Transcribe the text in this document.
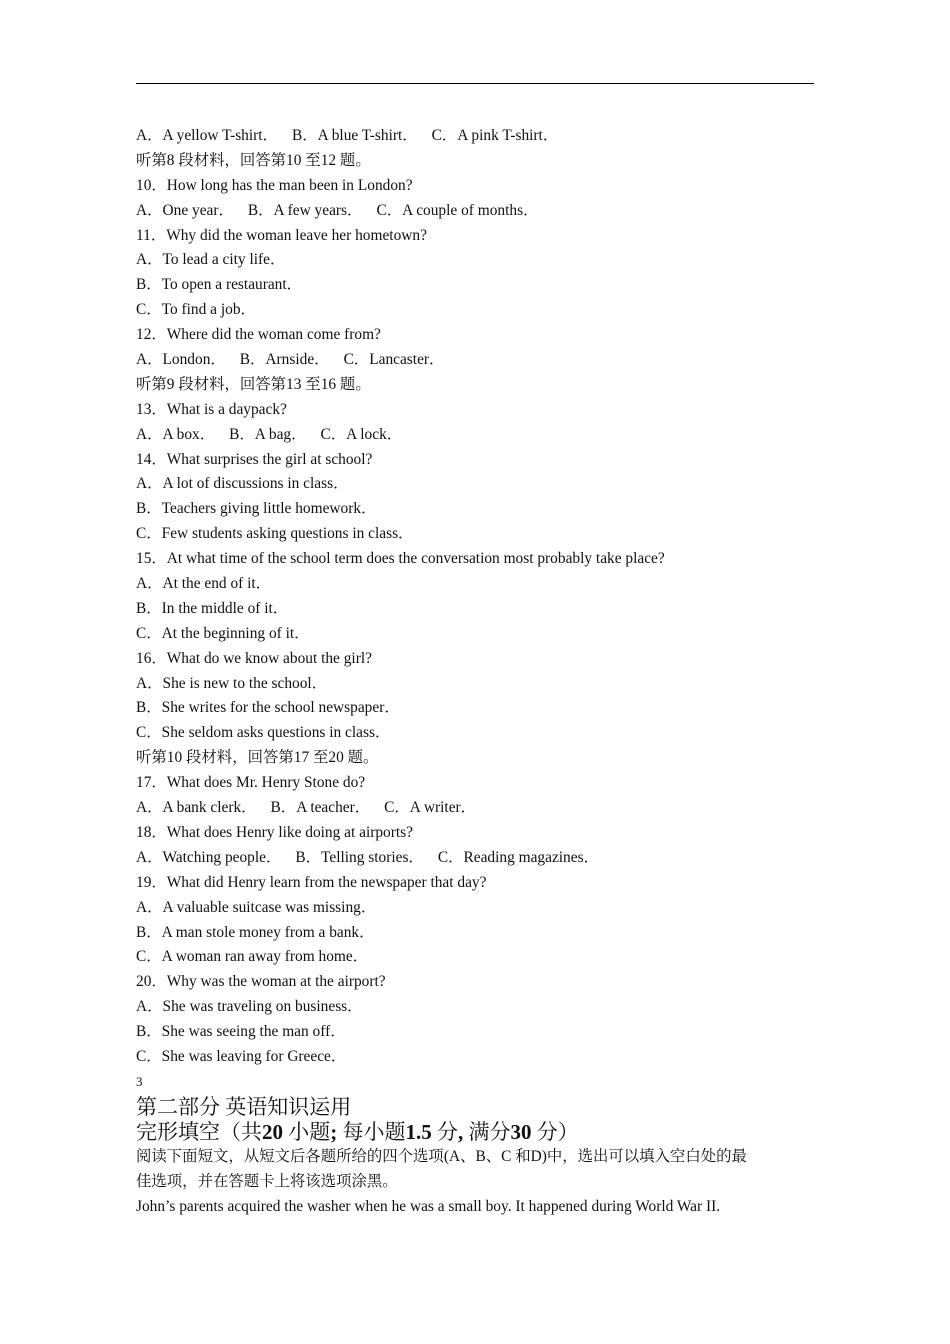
A．A yellow T-shirt． B．A blue T-shirt． C．A pink T-shirt．
听第8 段材料，回答第10 至12 题。
10．How long has the man been in London?
A．One year． B．A few years． C．A couple of months．
11．Why did the woman leave her hometown?
A．To lead a city life．
B．To open a restaurant．
C．To find a job．
12．Where did the woman come from?
A．London． B．Arnside． C．Lancaster．
听第9 段材料，回答第13 至16 题。
13．What is a daypack?
A．A box． B．A bag． C．A lock．
14．What surprises the girl at school?
A．A lot of discussions in class．
B．Teachers giving little homework．
C．Few students asking questions in class．
15．At what time of the school term does the conversation most probably take place?
A．At the end of it．
B．In the middle of it．
C．At the beginning of it．
16．What do we know about the girl?
A．She is new to the school．
B．She writes for the school newspaper．
C．She seldom asks questions in class．
听第10 段材料，回答第17 至20 题。
17．What does Mr. Henry Stone do?
A．A bank clerk． B．A teacher． C．A writer．
18．What does Henry like doing at airports?
A．Watching people． B．Telling stories． C．Reading magazines．
19．What did Henry learn from the newspaper that day?
A．A valuable suitcase was missing．
B．A man stole money from a bank．
C．A woman ran away from home．
20．Why was the woman at the airport?
A．She was traveling on business．
B．She was seeing the man off．
C．She was leaving for Greece．
3
第二部分 英语知识运用
完形填空（共20 小题; 每小题1.5 分, 满分30 分）
阅读下面短文，从短文后各题所给的四个选项(A、B、C 和D)中，选出可以填入空白处的最
佳选项，并在答题卡上将该选项涂黑。
John’s parents acquired the washer when he was a small boy. It happened during World War II.
